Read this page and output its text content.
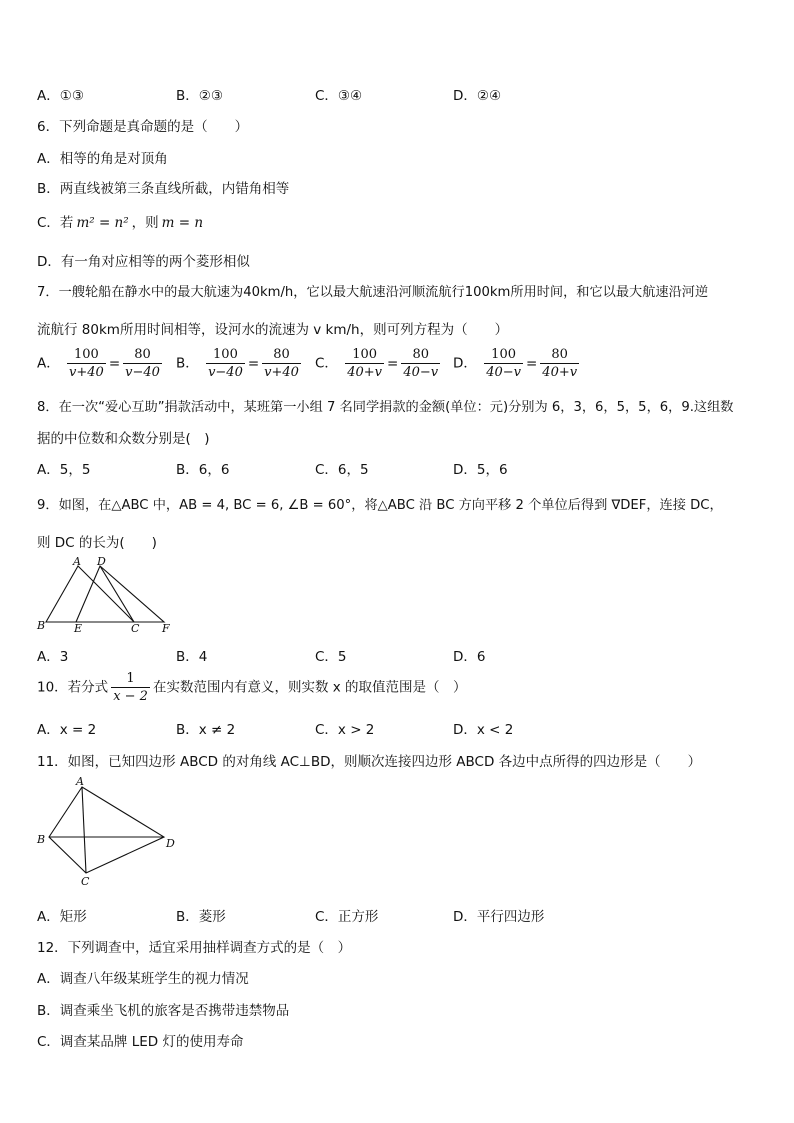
A．①③	B．②③	C．③④	D．②④
6．下列命题是真命题的是（　　）
A．相等的角是对顶角
B．两直线被第三条直线所截，内错角相等
C．若 m² = n² ，则 m = n
D．有一角对应相等的两个菱形相似
7．一艘轮船在静水中的最大航速为40km/h，它以最大航速沿河顺流航行100km所用时间，和它以最大航速沿河逆
流航行 80km所用时间相等，设河水的流速为 v km/h，则可列方程为（　　）
A． $\frac{100}{v+40} = \frac{80}{v-40}$ B． $\frac{100}{v-40} = \frac{80}{v+40}$ C． $\frac{100}{40+v} = \frac{80}{40-v}$ D． $\frac{100}{40-v} = \frac{80}{40+v}$
8．在一次“爱心互助”捐款活动中，某班第一小组 7 名同学捐款的金额(单位：元)分别为 6，3，6，5，5，6，9.这组数
据的中位数和众数分别是(　)
A．5，5	B．6，6	C．6，5	D．5，6
9．如图，在△ABC 中，AB = 4, BC = 6, ∠B = 60°，将△ABC 沿 BC 方向平移 2 个单位后得到 ∇DEF，连接 DC，
则 DC 的长为(　　)
A D
B	E	C F
A．3	B．4	C．5	D．6
10．若分式 $\frac{1}{x - 2}$ 在实数范围内有意义，则实数 x 的取值范围是（　）
A．x = 2	B．x ≠ 2	C．x > 2	D．x < 2
11．如图，已知四边形 ABCD 的对角线 AC⊥BD，则顺次连接四边形 ABCD 各边中点所得的四边形是（　　）
A
B
C
D
A．矩形	B．菱形	C．正方形	D．平行四边形
12．下列调查中，适宜采用抽样调查方式的是（　）
A．调查八年级某班学生的视力情况
B．调查乘坐飞机的旅客是否携带违禁物品
C．调查某品牌 LED 灯的使用寿命
